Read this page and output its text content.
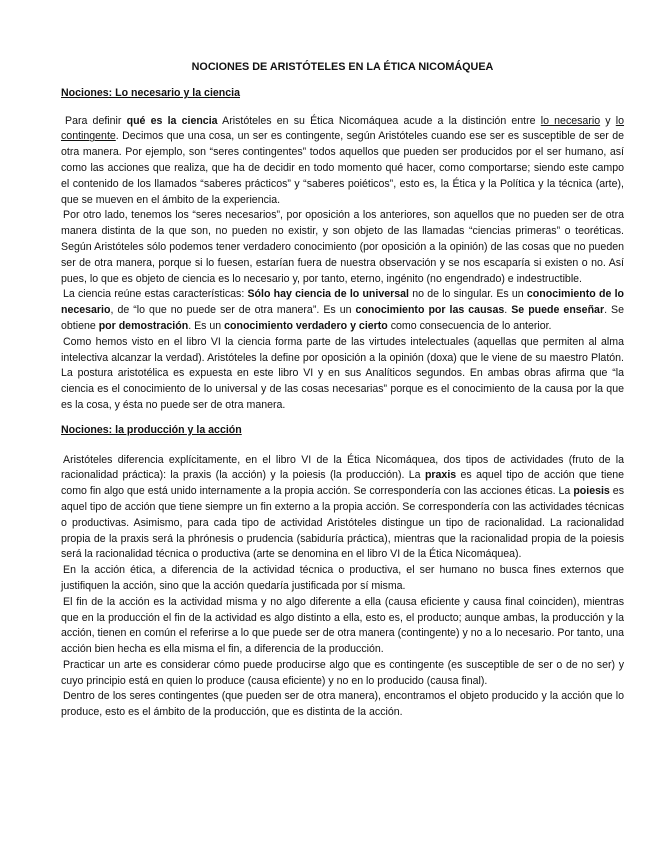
NOCIONES DE ARISTÓTELES EN LA ÉTICA NICOMÁQUEA
Nociones: Lo necesario y la ciencia

Para definir qué es la ciencia Aristóteles en su Ética Nicomáquea acude a la distinción entre lo necesario y lo contingente. Decimos que una cosa, un ser es contingente, según Aristóteles cuando ese ser es susceptible de ser de otra manera. Por ejemplo, son “seres contingentes” todos aquellos que pueden ser producidos por el ser humano, así como las acciones que realiza, que ha de decidir en todo momento qué hacer, como comportarse; siendo este campo el contenido de los llamados “saberes prácticos” y “saberes poiéticos”, esto es, la Ética y la Política y la técnica (arte), que se mueven en el ámbito de la experiencia.

Por otro lado, tenemos los “seres necesarios”, por oposición a los anteriores, son aquellos que no pueden ser de otra manera distinta de la que son, no pueden no existir, y son objeto de las llamadas “ciencias primeras” o teoréticas. Según Aristóteles sólo podemos tener verdadero conocimiento (por oposición a la opinión) de las cosas que no pueden ser de otra manera, porque si lo fuesen, estarían fuera de nuestra observación y se nos escaparía si existen o no. Así pues, lo que es objeto de ciencia es lo necesario y, por tanto, eterno, ingénito (no engendrado) e indestructible.

La ciencia reúne estas características: Sólo hay ciencia de lo universal no de lo singular. Es un conocimiento de lo necesario, de “lo que no puede ser de otra manera”. Es un conocimiento por las causas. Se puede enseñar. Se obtiene por demostración. Es un conocimiento verdadero y cierto como consecuencia de lo anterior.

Como hemos visto en el libro VI la ciencia forma parte de las virtudes intelectuales (aquellas que permiten al alma intelectiva alcanzar la verdad). Aristóteles la define por oposición a la opinión (doxa) que le viene de su maestro Platón. La postura aristotélica es expuesta en este libro VI y en sus Analíticos segundos. En ambas obras afirma que “la ciencia es el conocimiento de lo universal y de las cosas necesarias” porque es el conocimiento de la causa por la que es la cosa, y ésta no puede ser de otra manera.

Nociones: la producción y la acción

Aristóteles diferencia explícitamente, en el libro VI de la Ética Nicomáquea, dos tipos de actividades (fruto de la racionalidad práctica): la praxis (la acción) y la poiesis (la producción). La praxis es aquel tipo de acción que tiene como fin algo que está unido internamente a la propia acción. Se correspondería con las acciones éticas. La poiesis es aquel tipo de acción que tiene siempre un fin externo a la propia acción. Se correspondería con las actividades técnicas o productivas. Asimismo, para cada tipo de actividad Aristóteles distingue un tipo de racionalidad. La racionalidad propia de la praxis será la phrónesis o prudencia (sabiduría práctica), mientras que la racionalidad propia de la poiesis será la racionalidad técnica o productiva (arte se denomina en el libro VI de la Ética Nicomáquea).

En la acción ética, a diferencia de la actividad técnica o productiva, el ser humano no busca fines externos que justifiquen la acción, sino que la acción quedaría justificada por sí misma.

El fin de la acción es la actividad misma y no algo diferente a ella (causa eficiente y causa final coinciden), mientras que en la producción el fin de la actividad es algo distinto a ella, esto es, el producto; aunque ambas, la producción y la acción, tienen en común el referirse a lo que puede ser de otra manera (contingente) y no a lo necesario. Por tanto, una acción bien hecha es ella misma el fin, a diferencia de la producción.

Practicar un arte es considerar cómo puede producirse algo que es contingente (es susceptible de ser o de no ser) y cuyo principio está en quien lo produce (causa eficiente) y no en lo producido (causa final).

Dentro de los seres contingentes (que pueden ser de otra manera), encontramos el objeto producido y la acción que lo produce, esto es el ámbito de la producción, que es distinta de la acción.
